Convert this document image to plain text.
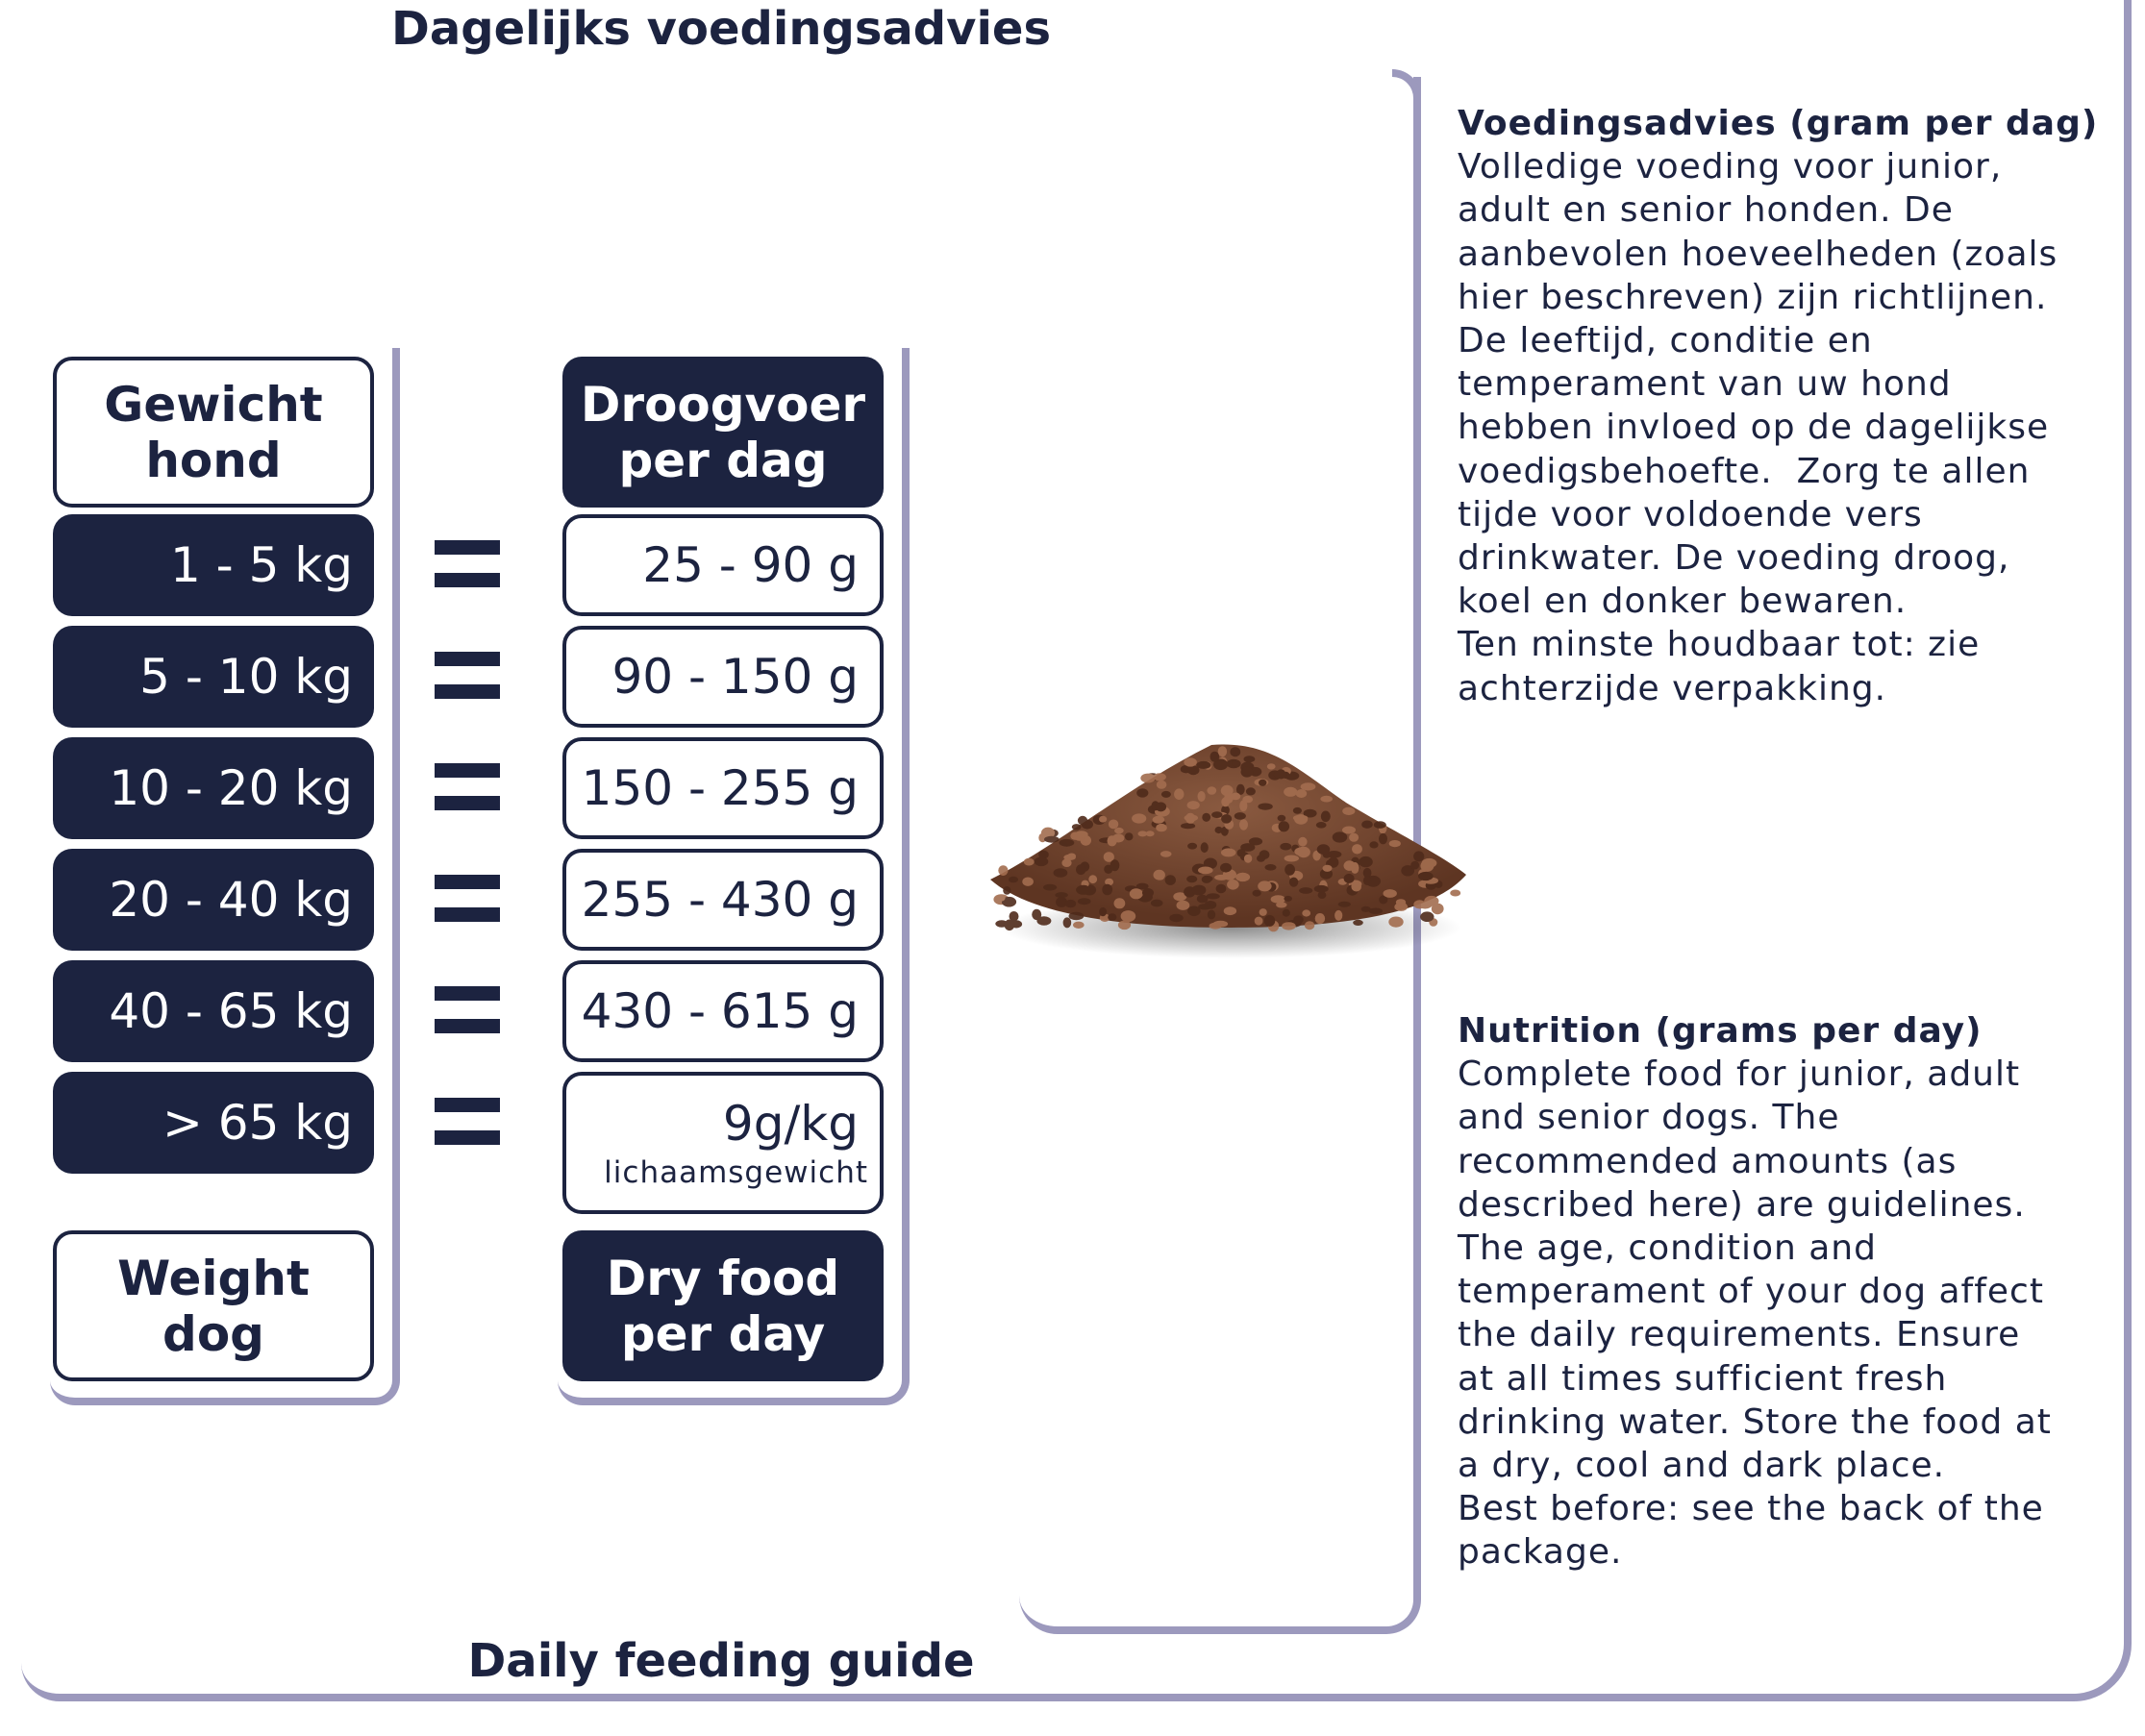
Dagelijks voedingsadvies
Daily feeding guide
Gewicht
hond
Droogvoer
per dag
1 - 5 kg	25 - 90 g
5 - 10 kg	90 - 150 g
10 - 20 kg	150 - 255 g
20 - 40 kg	255 - 430 g
40 - 65 kg	430 - 615 g
> 65 kg	9g/kg
lichaamsgewicht
Weight
dog
Dry food
per day
Voedingsadvies (gram per dag)
Volledige voeding voor junior,
adult en senior honden. De
aanbevolen hoeveelheden (zoals
hier beschreven) zijn richtlijnen.
De leeftijd, conditie en
temperament van uw hond
hebben invloed op de dagelijkse
voedigsbehoefte.  Zorg te allen
tijde voor voldoende vers
drinkwater. De voeding droog,
koel en donker bewaren.
Ten minste houdbaar tot: zie
achterzijde verpakking.
Nutrition (grams per day)
Complete food for junior, adult
and senior dogs. The
recommended amounts (as
described here) are guidelines.
The age, condition and
temperament of your dog affect
the daily requirements. Ensure
at all times sufficient fresh
drinking water. Store the food at
a dry, cool and dark place.
Best before: see the back of the
package.
